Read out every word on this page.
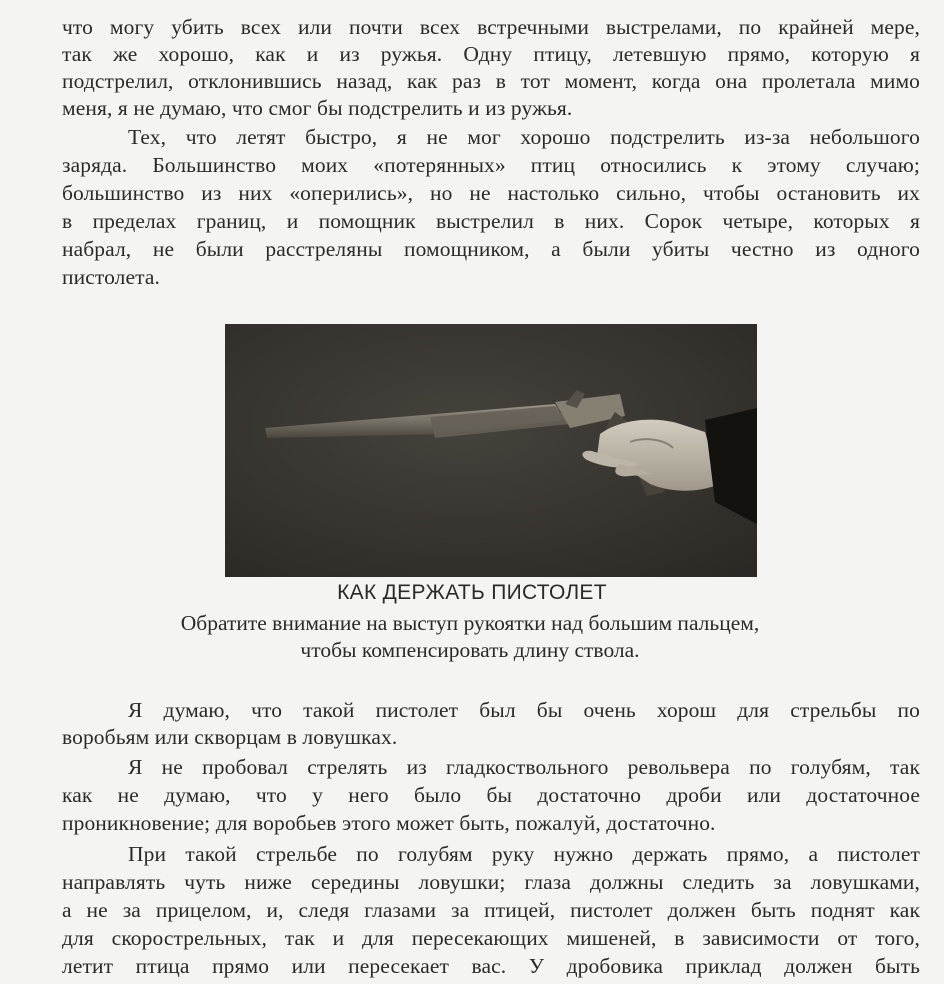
что могу убить всех или почти всех встречными выстрелами, по крайней мере,
так же хорошо, как и из ружья. Одну птицу, летевшую прямо, которую я
подстрелил, отклонившись назад, как раз в тот момент, когда она пролетала мимо
меня, я не думаю, что смог бы подстрелить и из ружья.
Тех, что летят быстро, я не мог хорошо подстрелить из-за небольшого
заряда. Большинство моих «потерянных» птиц относились к этому случаю;
большинство из них «оперились», но не настолько сильно, чтобы остановить их
в пределах границ, и помощник выстрелил в них. Сорок четыре, которых я
набрал, не были расстреляны помощником, а были убиты честно из одного
пистолета.
КАК ДЕРЖАТЬ ПИСТОЛЕТ
Обратите внимание на выступ рукоятки над большим пальцем,
чтобы компенсировать длину ствола.
Я думаю, что такой пистолет был бы очень хорош для стрельбы по
воробьям или скворцам в ловушках.
Я не пробовал стрелять из гладкоствольного револьвера по голубям, так
как не думаю, что у него было бы достаточно дроби или достаточное
проникновение; для воробьев этого может быть, пожалуй, достаточно.
При такой стрельбе по голубям руку нужно держать прямо, а пистолет
направлять чуть ниже середины ловушки; глаза должны следить за ловушками,
а не за прицелом, и, следя глазами за птицей, пистолет должен быть поднят как
для скорострельных, так и для пересекающих мишеней, в зависимости от того,
летит птица прямо или пересекает вас. У дробовика приклад должен быть
